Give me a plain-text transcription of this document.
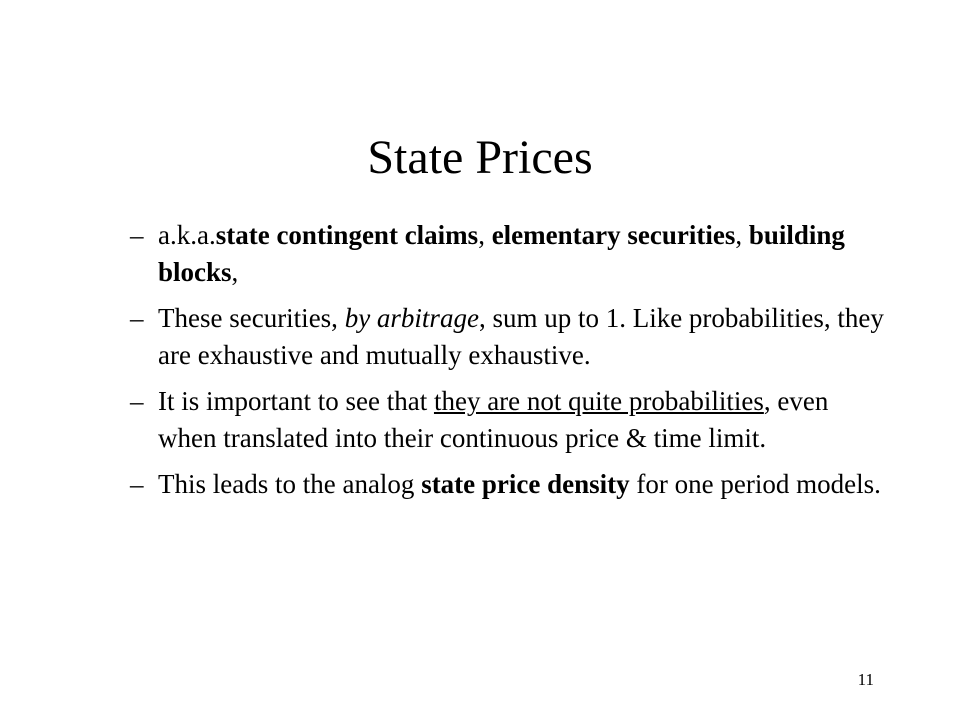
State Prices
– a.k.a.state contingent claims, elementary securities, building blocks,
– These securities, by arbitrage, sum up to 1. Like probabilities, they are exhaustive and mutually exhaustive.
– It is important to see that they are not quite probabilities, even when translated into their continuous price & time limit.
– This leads to the analog state price density for one period models.
11
